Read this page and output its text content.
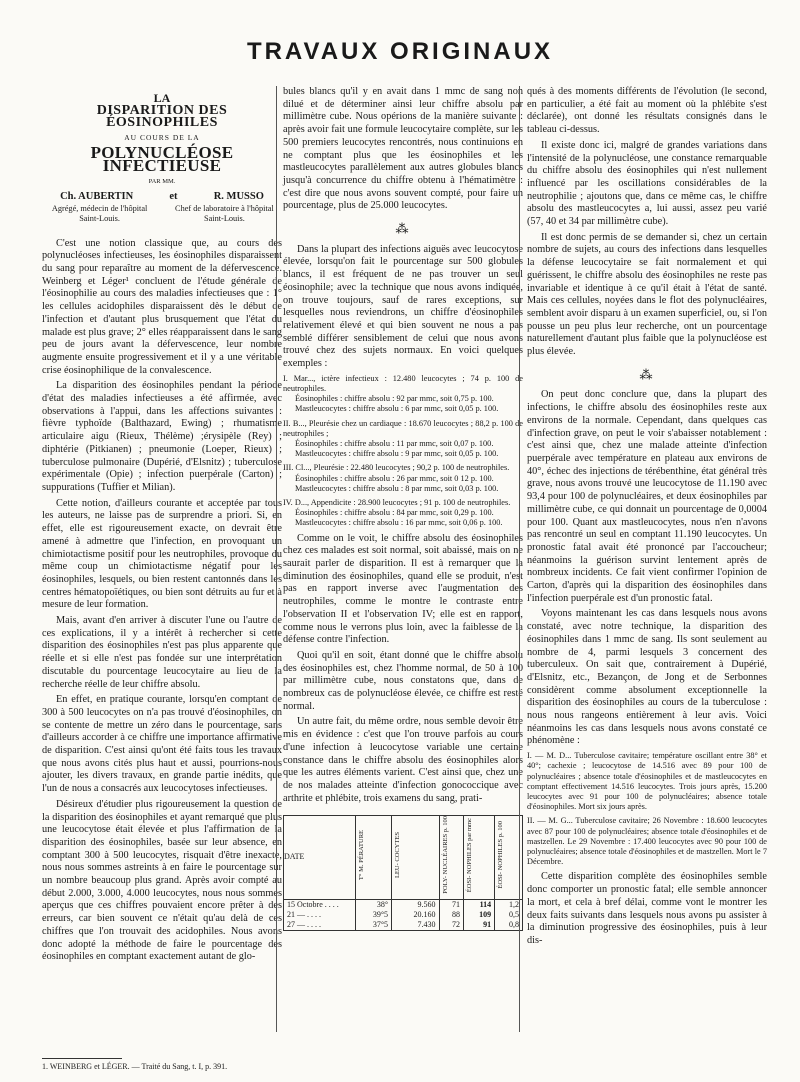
TRAVAUX ORIGINAUX
LA
DISPARITION DES ÉOSINOPHILES
AU COURS DE LA
POLYNUCLÉOSE INFECTIEUSE
PAR MM.
Ch. AUBERTIN	et	R. MUSSO
Agrégé, médecin de l'hôpital Saint-Louis.
Chef de laboratoire à l'hôpital Saint-Louis.

C'est une notion classique que, au cours des polynucléoses infectieuses, les éosinophiles disparaissent du sang pour reparaître au moment de la défervescence. Weinberg et Léger¹ concluent de l'étude générale de l'éosinophilie au cours des maladies infectieuses que : 1° les cellules acidophiles disparaissent dès le début de l'infection et d'autant plus brusquement que l'état du malade est plus grave; 2° elles réapparaissent dans le sang peu de jours avant la défervescence, leur nombre augmente ensuite progressivement et il y a une véritable crise éosinophilique de la convalescence.

La disparition des éosinophiles pendant la période d'état des maladies infectieuses a été affirmée, avec observations à l'appui, dans les affections suivantes : fièvre typhoïde (Balthazard, Ewing) ; rhumatisme articulaire aigu (Rieux, Thélème) ;érysipèle (Rey) ; diphtérie (Pitkianen) ; pneumonie (Loeper, Rieux) ; tuberculose pulmonaire (Dupérié, d'Elsnitz) ; tuberculose expérimentale (Opie) ; infection puerpérale (Carton) ; suppurations (Tuffier et Milian).

Cette notion, d'ailleurs courante et acceptée par tous les auteurs, ne laisse pas de surprendre a priori. Si, en effet, elle est rigoureusement exacte, on devrait être amené à admettre que l'infection, en provoquant un chimiotactisme positif pour les neutrophiles, provoque du même coup un chimiotactisme négatif pour les éosinophiles, lesquels, ou bien restent cantonnés dans les centres hématopoïétiques, ou bien sont détruits au fur et à mesure de leur formation.

Mais, avant d'en arriver à discuter l'une ou l'autre de ces explications, il y a intérêt à rechercher si cette disparition des éosinophiles n'est pas plus apparente que réelle et si elle n'est pas fondée sur une interprétation discutable du pourcentage leucocytaire au lieu de la recherche réelle de leur chiffre absolu.

En effet, en pratique courante, lorsqu'en comptant de 300 à 500 leucocytes on n'a pas trouvé d'éosinophiles, on se contente de mettre un zéro dans le pourcentage, sans d'ailleurs accorder à ce chiffre une importance affirmative de disparition. C'est ainsi qu'ont été faits tous les travaux que nous avons cités plus haut et aussi, pourrions-nous ajouter, les divers travaux, en grande partie inédits, que l'un de nous a consacrés aux leucocytoses infectieuses.

Désireux d'étudier plus rigoureusement la question de la disparition des éosinophiles et ayant remarqué que plus une leucocytose était élevée et plus l'affirmation de la disparition des éosinophiles, basée sur leur absence, en comptant 300 à 500 leucocytes, risquait d'être inexacte, nous nous sommes astreints à en faire le pourcentage sur un nombre beaucoup plus grand. Après avoir compté au début 2.000, 3.000, 4.000 leucocytes, nous nous sommes aperçus que ces chiffres pouvaient encore prêter à des erreurs, car bien souvent ce n'était qu'au delà de ces chiffres que l'on trouvait des acidophiles. Nous avons donc adopté la méthode de faire le pourcentage des éosinophiles en comptant exactement autant de glo-

bules blancs qu'il y en avait dans 1 mmc de sang non dilué et de déterminer ainsi leur chiffre absolu par millimètre cube. Nous opérions de la manière suivante : après avoir fait une formule leucocytaire complète, sur les 500 premiers leucocytes rencontrés, nous continuions en ne comptant plus que les éosinophiles et les mastleucocytes parallèlement aux autres globules blancs jusqu'à concurrence du chiffre obtenu à l'hématimètre : c'est dire que nous avons souvent compté, pour faire un pourcentage, plus de 25.000 leucocytes.

⁂

Dans la plupart des infections aiguës avec leucocytose élevée, lorsqu'on fait le pourcentage sur 500 globules blancs, il est fréquent de ne pas trouver un seul éosinophile; avec la technique que nous avons indiquée, on trouve toujours, sauf de rares exceptions, sur lesquelles nous reviendrons, un chiffre d'éosinophiles relativement élevé et qui bien souvent ne nous a pas semblé différer sensiblement de celui que nous avons trouvé chez des sujets normaux. En voici quelques exemples :

I. Mar..., ictère infectieux : 12.480 leucocytes ; 74 p. 100 de neutrophiles.
Éosinophiles : chiffre absolu : 92 par mmc, soit 0,75 p. 100.
Mastleucocytes : chiffre absolu : 6 par mmc, soit 0,05 p. 100.

II. B..., Pleurésie chez un cardiaque : 18.670 leucocytes ; 88,2 p. 100 de neutrophiles ;
Éosinophiles : chiffre absolu : 11 par mmc, soit 0,07 p. 100.
Mastleucocytes : chiffre absolu : 9 par mmc, soit 0,05 p. 100.

III. Cl..., Pleurésie : 22.480 leucocytes ; 90,2 p. 100 de neutrophiles.
Éosinophiles : chiffre absolu : 26 par mmc, soit 0 12 p. 100.
Mastleucocytes : chiffre absolu : 8 par mmc, soit 0,03 p. 100.

IV. D..., Appendicite : 28.900 leucocytes ; 91 p. 100 de neutrophiles.
Éosinophiles : chiffre absolu : 84 par mmc, soit 0,29 p. 100.
Mastleucocytes : chiffre absolu : 16 par mmc, soit 0,06 p. 100.

Comme on le voit, le chiffre absolu des éosinophiles chez ces malades est soit normal, soit abaissé, mais on ne saurait parler de disparition. Il est à remarquer que la diminution des éosinophiles, quand elle se produit, n'est pas en rapport inverse avec l'augmentation des neutrophiles, comme le montre le contraste entre l'observation II et l'observation IV; elle est en rapport, comme nous le verrons plus loin, avec la faiblesse de la défense contre l'infection.

Quoi qu'il en soit, étant donné que le chiffre absolu des éosinophiles est, chez l'homme normal, de 50 à 100 par millimètre cube, nous constatons que, dans de nombreux cas de polynucléose élevée, ce chiffre est resté normal.

Un autre fait, du même ordre, nous semble devoir être mis en évidence : c'est que l'on trouve parfois au cours d'une infection à leucocytose variable une certaine constance dans le chiffre absolu des éosinophiles alors que les autres éléments varient. C'est ainsi que, chez une de nos malades atteinte d'infection gonococcique avec arthrite et phlébite, trois examens du sang, prati-

DATE	T° M. PÉRATURE	LEU- COCYTES	POLY- NUCLÉAIRES p. 100	ÉOSI- NOPHILES par mmc	ÉOSI- NOPHILES p. 100
15 Octobre . . . .	38°	9.560	71	114	1,2
21 — . . . .	39°5	20.160	88	109	0,5
27 — . . . .	37°5	7.430	72	91	0,8

qués à des moments différents de l'évolution (le second, en particulier, a été fait au moment où la phlébite s'est déclarée), ont donné les résultats consignés dans le tableau ci-dessus.

Il existe donc ici, malgré de grandes variations dans l'intensité de la polynucléose, une constance remarquable du chiffre absolu des éosinophiles qui n'est nullement influencé par les oscillations considérables de la neutrophilie ; ajoutons que, dans ce même cas, le chiffre absolu des mastleucocytes a, lui aussi, assez peu varié (57, 40 et 34 par millimètre cube).

Il est donc permis de se demander si, chez un certain nombre de sujets, au cours des infections dans lesquelles la défense leucocytaire se fait normalement et qui guérissent, le chiffre absolu des éosinophiles ne reste pas invariable et identique à ce qu'il était à l'état de santé. Mais ces cellules, noyées dans le flot des polynucléaires, semblent avoir disparu à un examen superficiel, ou, si l'on pousse un peu plus leur recherche, ont un pourcentage naturellement d'autant plus faible que la polynucléose est plus élevée.

⁂

On peut donc conclure que, dans la plupart des infections, le chiffre absolu des éosinophiles reste aux environs de la normale. Cependant, dans quelques cas d'infection grave, on peut le voir s'abaisser notablement : c'est ainsi que, chez une malade atteinte d'infection puerpérale avec température en plateau aux environs de 40°, échec des injections de térébenthine, état général très grave, nous avons trouvé une leucocytose de 11.190 avec 93,4 pour 100 de polynucléaires, et deux éosinophiles par millimètre cube, ce qui donnait un pourcentage de 0,0004 pour 100. Quant aux mastleucocytes, nous n'en n'avons pas rencontré un seul en comptant 11.190 leucocytes. Un pronostic fatal avait été prononcé par l'accoucheur; néanmoins la guérison survint lentement après de nombreux incidents. Ce fait vient confirmer l'opinion de Carton, d'après qui la disparition des éosinophiles dans l'infection puerpérale est d'un pronostic fatal.

Voyons maintenant les cas dans lesquels nous avons constaté, avec notre technique, la disparition des éosinophiles dans 1 mmc de sang. Ils sont seulement au nombre de 4, parmi lesquels 3 concernent des tuberculeux. On sait que, contrairement à Dupérié, d'Elsnitz, etc., Bezançon, de Jong et de Serbonnes considèrent comme absolument exceptionnelle la disparition des éosinophiles au cours de la tuberculose : nous nous rangeons entièrement à leur avis. Voici néanmoins les cas dans lesquels nous avons constaté ce phénomène :

I. — M. D... Tuberculose cavitaire; température oscillant entre 38° et 40°; cachexie ; leucocytose de 14.516 avec 89 pour 100 de polynucléaires ; absence totale d'éosinophiles et de mastleucocytes en comptant effectivement 14.516 leucocytes. Trois jours après, 15.200 leucocytes avec 91 pour 100 de polynucléaires; absence totale d'éosinophiles. Mort six jours après.

II. — M. G... Tuberculose cavitaire; 26 Novembre : 18.600 leucocytes avec 87 pour 100 de polynucléaires; absence totale d'éosinophiles et de mastzellen. Le 29 Novembre : 17.400 leucocytes avec 90 pour 100 de polynucléaires; absence totale d'éosinophiles et de mastzellen. Mort le 7 Décembre.

Cette disparition complète des éosinophiles semble donc comporter un pronostic fatal; elle semble annoncer la mort, et cela à bref délai, comme vont le montrer les deux faits suivants dans lesquels nous avons pu assister à la diminution progressive des éosinophiles, puis à leur dis-

1. WEINBERG et LÉGER. — Traité du Sang, t. I, p. 391.
